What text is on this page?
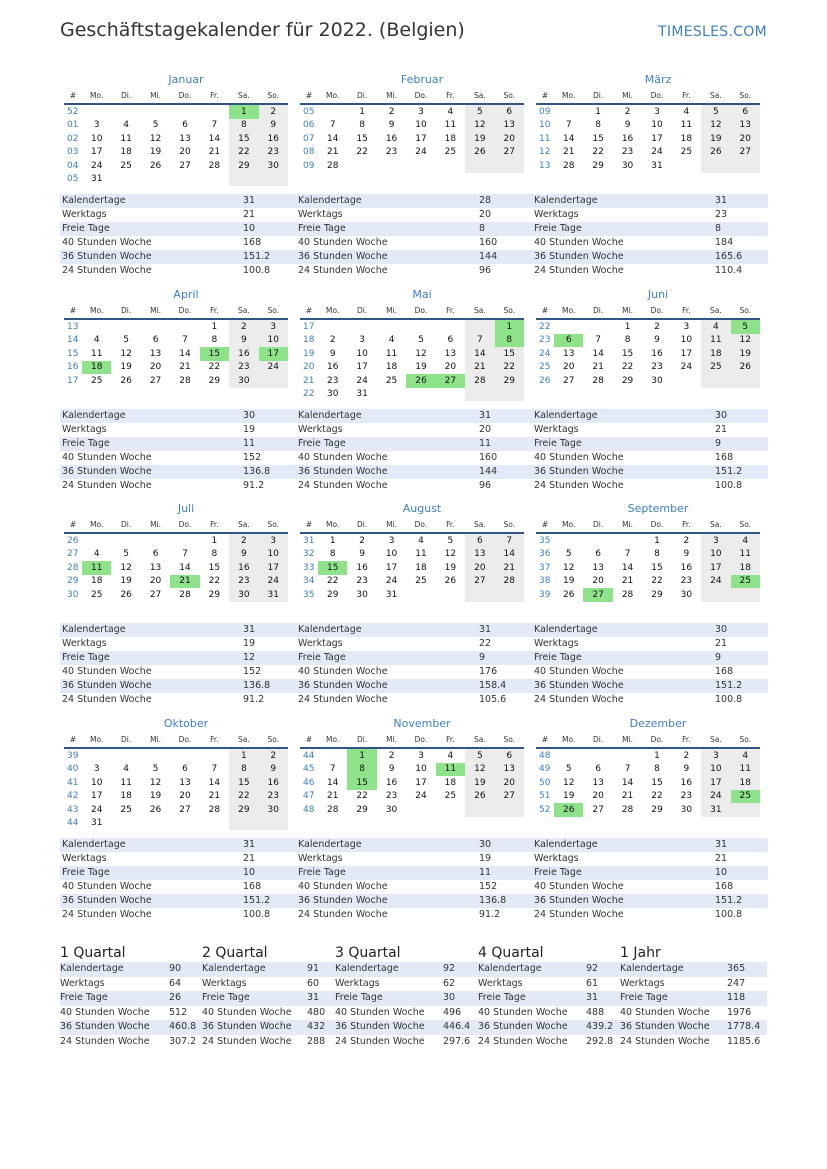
Geschäftstagekalender für 2022. (Belgien)	TIMESLES.COM
Januar
#	Mo.	Di.	Mi.	Do.	Fr.	Sa.	So.
52						1	2
01	3	4	5	6	7	8	9
02	10	11	12	13	14	15	16
03	17	18	19	20	21	22	23
04	24	25	26	27	28	29	30
05	31						
Kalendertage	31
Werktags	21
Freie Tage	10
40 Stunden Woche	168
36 Stunden Woche	151.2
24 Stunden Woche	100.8
Februar
#	Mo.	Di.	Mi.	Do.	Fr.	Sa.	So.
05		1	2	3	4	5	6
06	7	8	9	10	11	12	13
07	14	15	16	17	18	19	20
08	21	22	23	24	25	26	27
09	28						
Kalendertage	28
Werktags	20
Freie Tage	8
40 Stunden Woche	160
36 Stunden Woche	144
24 Stunden Woche	96
März
#	Mo.	Di.	Mi.	Do.	Fr.	Sa.	So.
09		1	2	3	4	5	6
10	7	8	9	10	11	12	13
11	14	15	16	17	18	19	20
12	21	22	23	24	25	26	27
13	28	29	30	31			
Kalendertage	31
Werktags	23
Freie Tage	8
40 Stunden Woche	184
36 Stunden Woche	165.6
24 Stunden Woche	110.4
April
#	Mo.	Di.	Mi.	Do.	Fr.	Sa.	So.
13					1	2	3
14	4	5	6	7	8	9	10
15	11	12	13	14	15	16	17
16	18	19	20	21	22	23	24
17	25	26	27	28	29	30	
Kalendertage	30
Werktags	19
Freie Tage	11
40 Stunden Woche	152
36 Stunden Woche	136.8
24 Stunden Woche	91.2
Mai
#	Mo.	Di.	Mi.	Do.	Fr.	Sa.	So.
17							1
18	2	3	4	5	6	7	8
19	9	10	11	12	13	14	15
20	16	17	18	19	20	21	22
21	23	24	25	26	27	28	29
22	30	31					
Kalendertage	31
Werktags	20
Freie Tage	11
40 Stunden Woche	160
36 Stunden Woche	144
24 Stunden Woche	96
Juni
#	Mo.	Di.	Mi.	Do.	Fr.	Sa.	So.
22			1	2	3	4	5
23	6	7	8	9	10	11	12
24	13	14	15	16	17	18	19
25	20	21	22	23	24	25	26
26	27	28	29	30			
Kalendertage	30
Werktags	21
Freie Tage	9
40 Stunden Woche	168
36 Stunden Woche	151.2
24 Stunden Woche	100.8
Juli
#	Mo.	Di.	Mi.	Do.	Fr.	Sa.	So.
26					1	2	3
27	4	5	6	7	8	9	10
28	11	12	13	14	15	16	17
29	18	19	20	21	22	23	24
30	25	26	27	28	29	30	31
Kalendertage	31
Werktags	19
Freie Tage	12
40 Stunden Woche	152
36 Stunden Woche	136.8
24 Stunden Woche	91.2
August
#	Mo.	Di.	Mi.	Do.	Fr.	Sa.	So.
31	1	2	3	4	5	6	7
32	8	9	10	11	12	13	14
33	15	16	17	18	19	20	21
34	22	23	24	25	26	27	28
35	29	30	31				
Kalendertage	31
Werktags	22
Freie Tage	9
40 Stunden Woche	176
36 Stunden Woche	158.4
24 Stunden Woche	105.6
September
#	Mo.	Di.	Mi.	Do.	Fr.	Sa.	So.
35				1	2	3	4
36	5	6	7	8	9	10	11
37	12	13	14	15	16	17	18
38	19	20	21	22	23	24	25
39	26	27	28	29	30		
Kalendertage	30
Werktags	21
Freie Tage	9
40 Stunden Woche	168
36 Stunden Woche	151.2
24 Stunden Woche	100.8
Oktober
#	Mo.	Di.	Mi.	Do.	Fr.	Sa.	So.
39						1	2
40	3	4	5	6	7	8	9
41	10	11	12	13	14	15	16
42	17	18	19	20	21	22	23
43	24	25	26	27	28	29	30
44	31						
Kalendertage	31
Werktags	21
Freie Tage	10
40 Stunden Woche	168
36 Stunden Woche	151.2
24 Stunden Woche	100.8
November
#	Mo.	Di.	Mi.	Do.	Fr.	Sa.	So.
44		1	2	3	4	5	6
45	7	8	9	10	11	12	13
46	14	15	16	17	18	19	20
47	21	22	23	24	25	26	27
48	28	29	30				
Kalendertage	30
Werktags	19
Freie Tage	11
40 Stunden Woche	152
36 Stunden Woche	136.8
24 Stunden Woche	91.2
Dezember
#	Mo.	Di.	Mi.	Do.	Fr.	Sa.	So.
48				1	2	3	4
49	5	6	7	8	9	10	11
50	12	13	14	15	16	17	18
51	19	20	21	22	23	24	25
52	26	27	28	29	30	31	
Kalendertage	31
Werktags	21
Freie Tage	10
40 Stunden Woche	168
36 Stunden Woche	151.2
24 Stunden Woche	100.8
1 Quartal
Kalendertage	90
Werktags	64
Freie Tage	26
40 Stunden Woche	512
36 Stunden Woche	460.8
24 Stunden Woche	307.2
2 Quartal
Kalendertage	91
Werktags	60
Freie Tage	31
40 Stunden Woche	480
36 Stunden Woche	432
24 Stunden Woche	288
3 Quartal
Kalendertage	92
Werktags	62
Freie Tage	30
40 Stunden Woche	496
36 Stunden Woche	446.4
24 Stunden Woche	297.6
4 Quartal
Kalendertage	92
Werktags	61
Freie Tage	31
40 Stunden Woche	488
36 Stunden Woche	439.2
24 Stunden Woche	292.8
1 Jahr
Kalendertage	365
Werktags	247
Freie Tage	118
40 Stunden Woche	1976
36 Stunden Woche	1778.4
24 Stunden Woche	1185.6
